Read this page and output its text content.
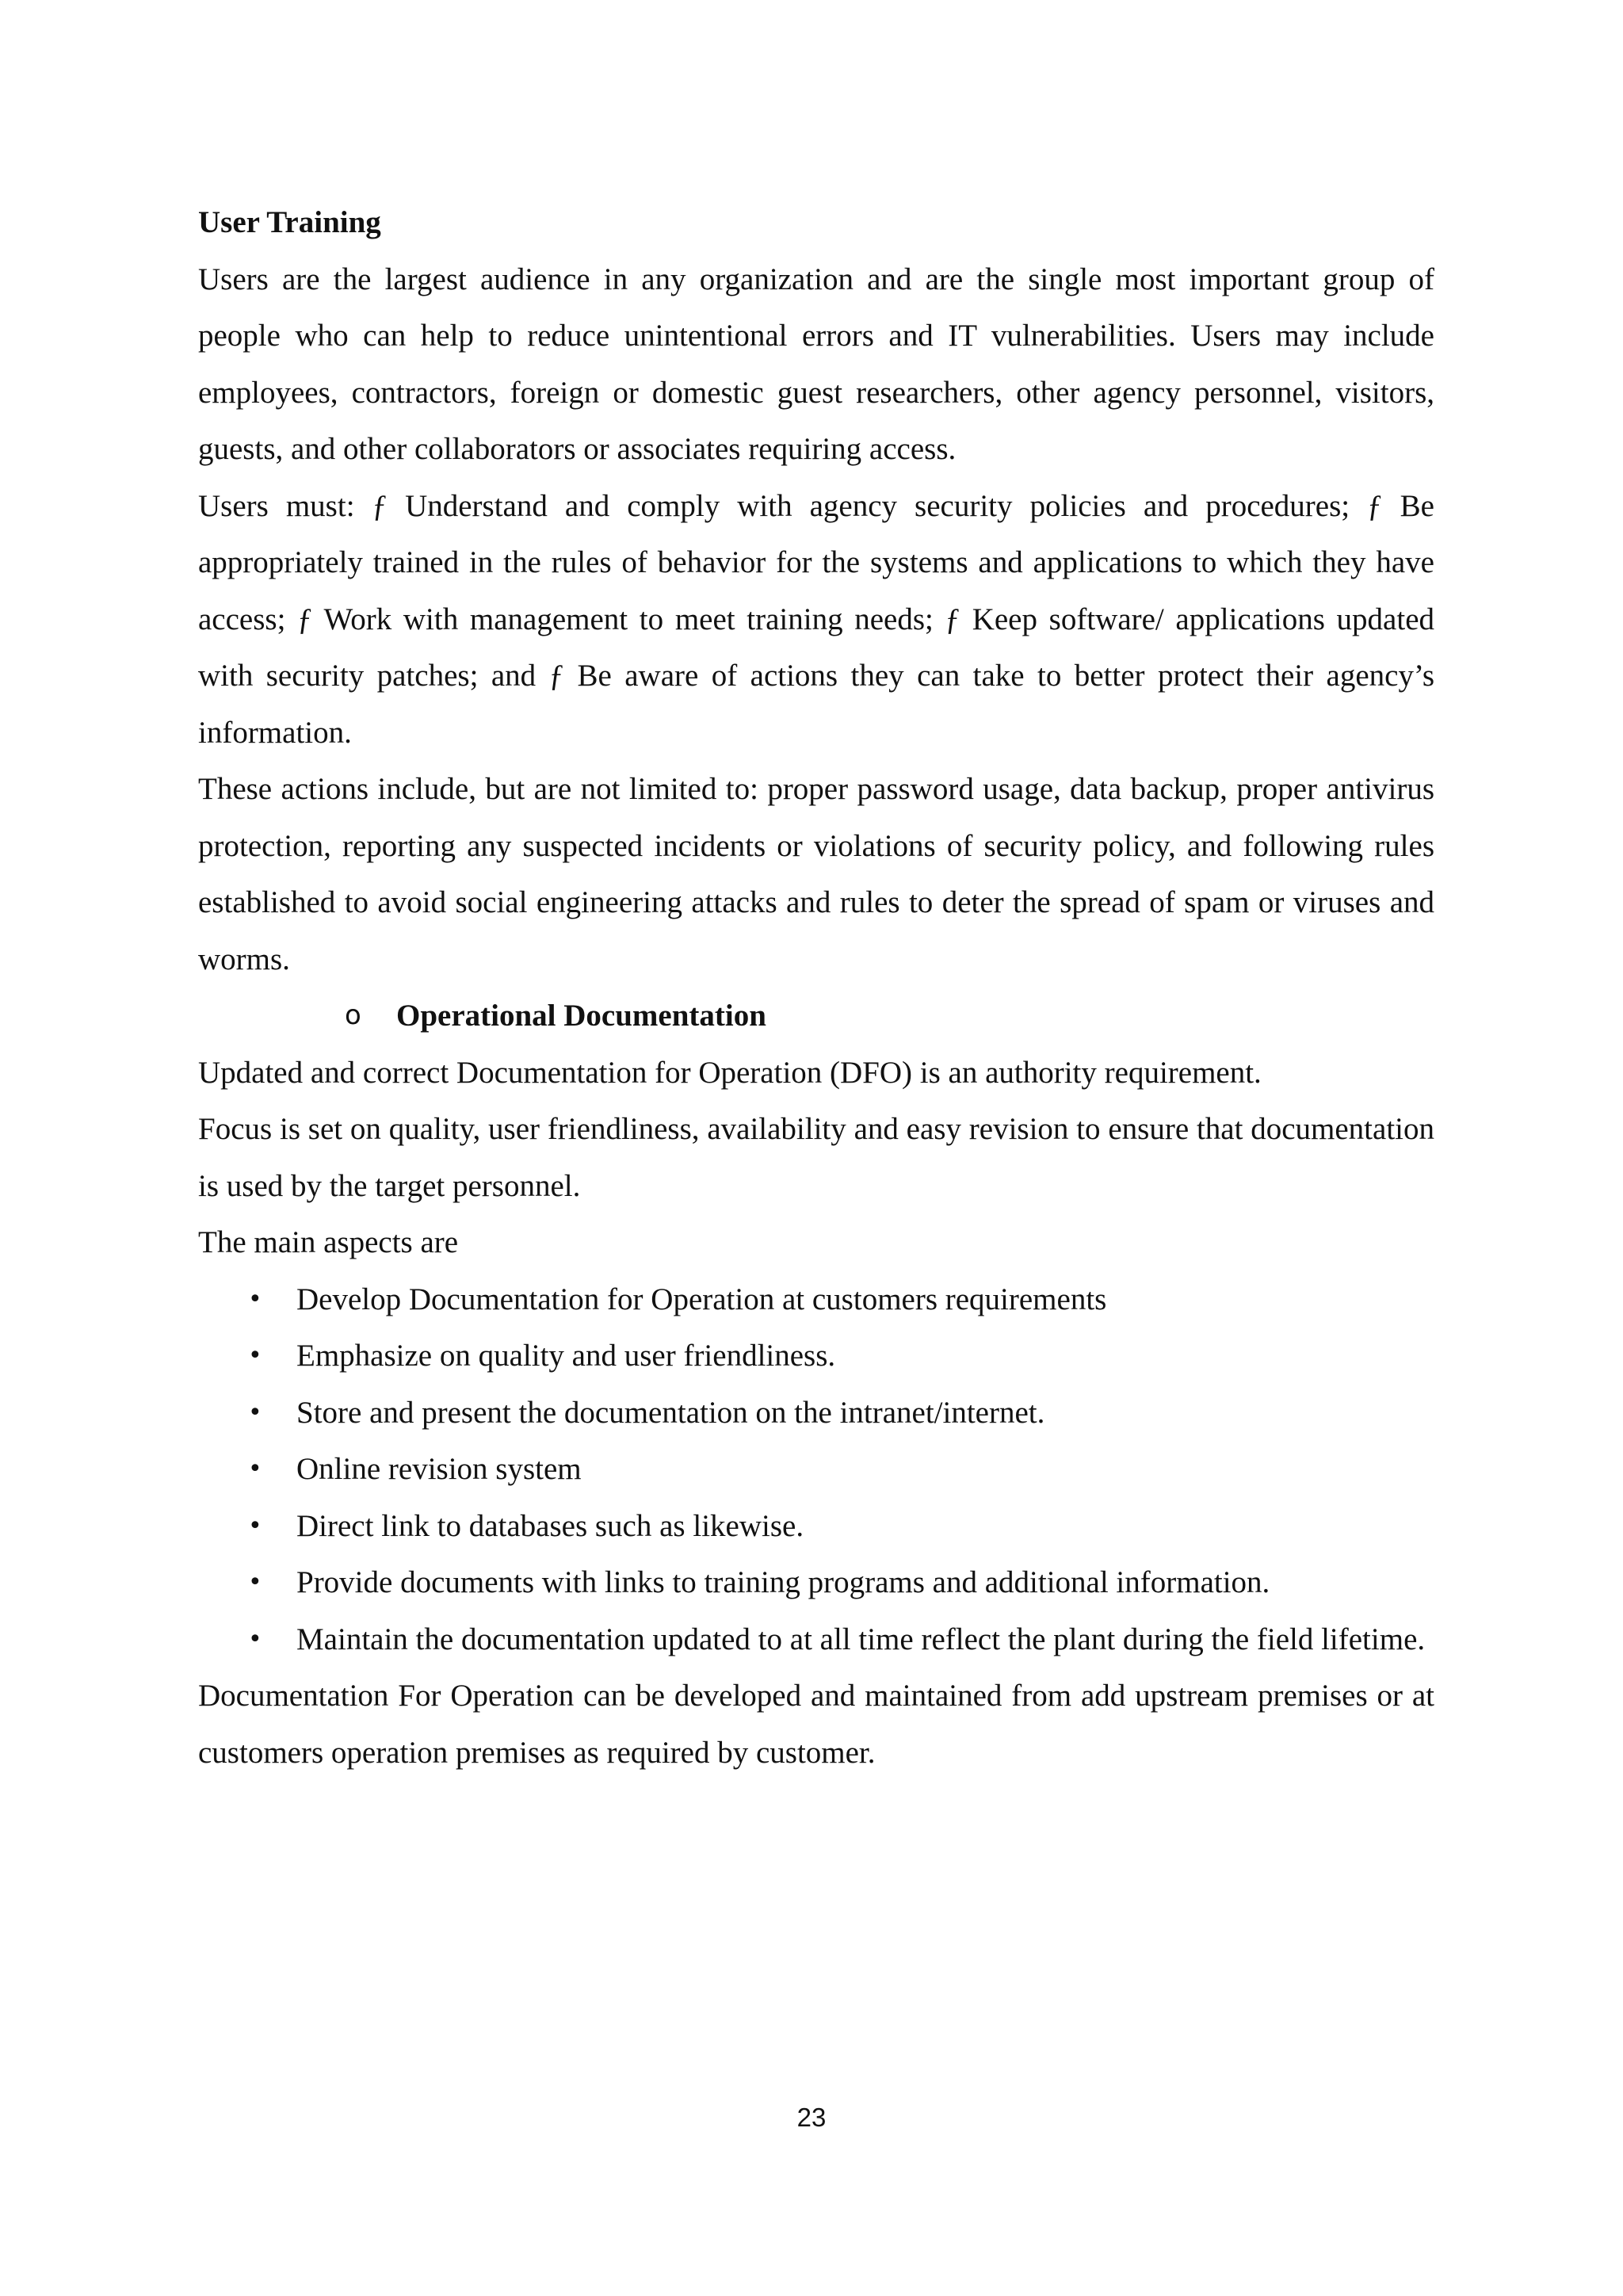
User Training

Users are the largest audience in any organization and are the single most important group of people who can help to reduce unintentional errors and IT vulnerabilities. Users may include employees, contractors, foreign or domestic guest researchers, other agency personnel, visitors, guests, and other collaborators or associates requiring access.

Users must: ƒ Understand and comply with agency security policies and procedures; ƒ Be appropriately trained in the rules of behavior for the systems and applications to which they have access; ƒ Work with management to meet training needs; ƒ Keep software/ applications updated with security patches; and ƒ Be aware of actions they can take to better protect their agency’s information.

These actions include, but are not limited to: proper password usage, data backup, proper antivirus protection, reporting any suspected incidents or violations of security policy, and following rules established to avoid social engineering attacks and rules to deter the spread of spam or viruses and worms.

o Operational Documentation

Updated and correct Documentation for Operation (DFO) is an authority requirement.

Focus is set on quality, user friendliness, availability and easy revision to ensure that documentation is used by the target personnel.

The main aspects are

• Develop Documentation for Operation at customers requirements
• Emphasize on quality and user friendliness.
• Store and present the documentation on the intranet/internet.
• Online revision system
• Direct link to databases such as likewise.
• Provide documents with links to training programs and additional information.
• Maintain the documentation updated to at all time reflect the plant during the field lifetime.

Documentation For Operation can be developed and maintained from add upstream premises or at customers operation premises as required by customer.

23
